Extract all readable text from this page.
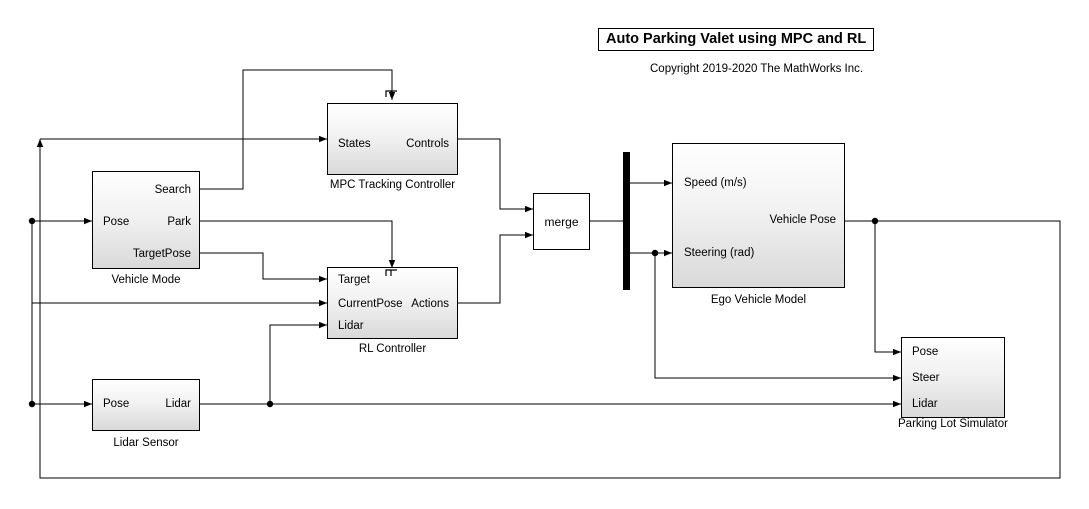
Auto Parking Valet using MPC and RL
Copyright 2019-2020 The MathWorks Inc.
States	Controls
MPC Tracking Controller
Pose
Search
Park
TargetPose
Vehicle Mode	Target
CurrentPose
Lidar
Actions
RL Controller
merge
Speed (m/s)
Steering (rad)
Vehicle Pose
Ego Vehicle Model
Pose
Steer
Lidar
Parking Lot Simulator
Pose	Lidar
Lidar Sensor
